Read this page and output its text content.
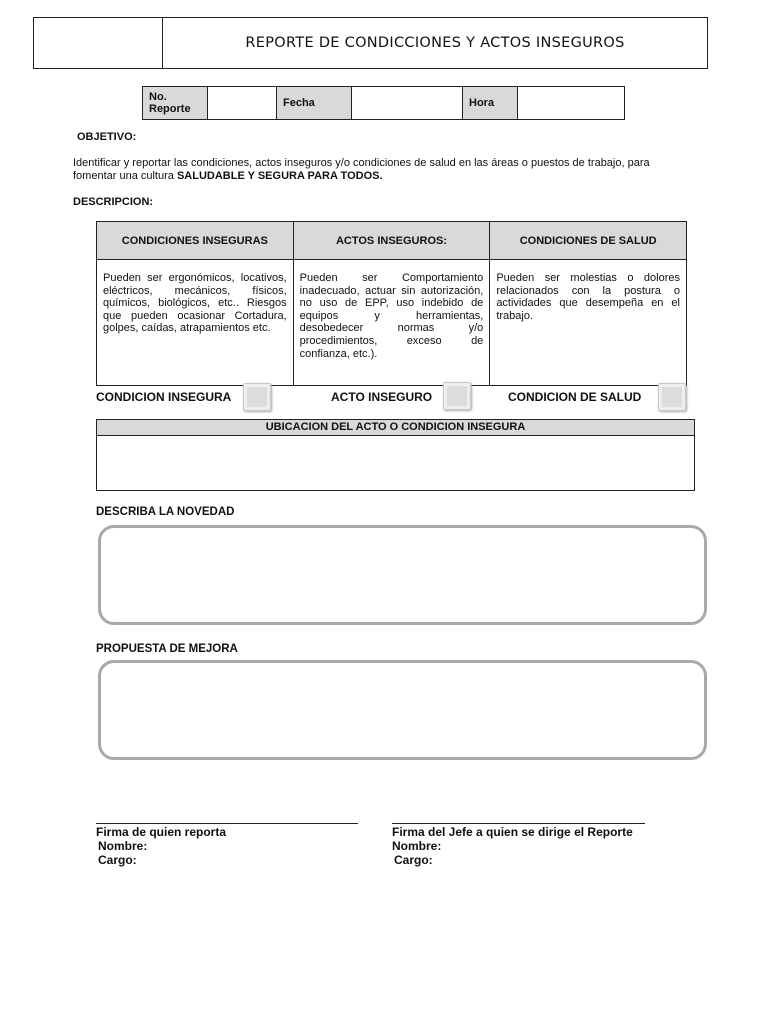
REPORTE DE CONDICCIONES Y ACTOS INSEGUROS
No. Reporte		Fecha		Hora	
OBJETIVO:
Identificar y reportar las condiciones, actos inseguros y/o condiciones de salud en las áreas o puestos de trabajo, para
fomentar una cultura SALUDABLE Y SEGURA PARA TODOS.
DESCRIPCION:
CONDICIONES INSEGURAS	ACTOS INSEGUROS:	CONDICIONES DE SALUD
Pueden ser ergonómicos, locativos, eléctricos, mecánicos, físicos, químicos, biológicos, etc.. Riesgos que pueden ocasionar Cortadura, golpes, caídas, atrapamientos etc.	Pueden ser Comportamiento inadecuado, actuar sin autorización, no uso de EPP, uso indebido de equipos y herramientas, desobedecer normas y/o procedimientos, exceso de confianza, etc.).	Pueden ser molestias o dolores relacionados con la postura o actividades que desempeña en el trabajo.
CONDICION INSEGURA	ACTO INSEGURO	CONDICION DE SALUD
UBICACION DEL ACTO O CONDICION INSEGURA
DESCRIBA LA NOVEDAD
PROPUESTA DE MEJORA
Firma de quien reporta
Nombre:
Cargo:
Firma del Jefe a quien se dirige el Reporte
Nombre:
Cargo:
